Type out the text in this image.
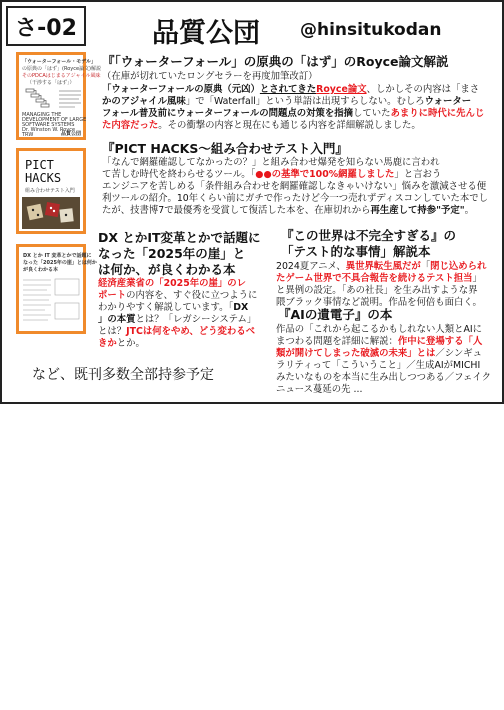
さ-02	品質公団 @hinsitukodan
「ウォーターフォール・モデル」
の原典の「はず」(Royce論文)解説
そのPDCAはじまるアジャイル風味
（干渉する「はず」）
MANAGING THE
DEVELOPMENT OF LARGE
SOFTWARE SYSTEMS
Dr. Winston W. Royce
TRW	品質公団
『「ウォーターフォール」の原典の「はず」のRoyce論文解説
（在庫が切れていたロングセラーを再度加筆改訂）
「ウォーターフォールの原典（元凶）とされてきたRoyce論文、しかしその内容は「まさ
かのアジャイル風味」で「Waterfall」という単語は出現すらしない。むしろウォーター
フォール普及前にウォーターフォールの問題点の対策を指摘していたあまりに時代に先んじ
た内容だった。その衝撃の内容と現在にも通じる内容を詳細解説しました。
PICT
HACKS
組み合わせテスト入門
『PICT HACKS～組み合わせテスト入門』
「なんで網羅確認してなかったの？」と組み合わせ爆発を知らない馬鹿に言われ
て苦しむ時代を終わらせるツール。「●●の基準で100%網羅しました」と言おう
エンジニアを苦しめる「条件組み合わせを網羅確認しなきゃいけない」悩みを激減させる便
利ツールの紹介。10年くらい前にガチで作ったけど今一つ売れずディスコンしていた本でし
たが、技書博7で最優秀を受賞して復活した本を、在庫切れから再生産して持参"予定"。
DX とか IT 変革とかで話題に
なった「2025年の崖」とは何か
が良くわかる本
DX とかIT変革とかで話題に
なった「2025年の崖」と
は何か、が良くわかる本
経済産業省の「2025年の崖」のレ
ポートの内容を、すぐ役に立つように
わかりやすく解説しています。「DX
」の本質とは？「レガシーシステム」
とは？JTCは何をやめ、どう変わるべ
きかとか。
『この世界は不完全すぎる』の
「テスト的な事情」解説本
2024夏アニメ、異世界転生風だが「閉じ込められ
たゲーム世界で不具合報告を続けるテスト担当」
と異例の設定。「あの社長」を生み出すような界
隈ブラック事情など説明。作品を何倍も面白く。
『AIの遺電子』の本
作品の「これから起こるかもしれない人類とAIに
まつわる問題を詳細に解説：作中に登場する「人
類が開けてしまった破滅の未来」とは／シンギュ
ラリティって「こういうこと」／生成AIがMICHI
みたいなものを本当に生み出しつつある／フェイク
ニュース蔓延の先 ...
など、既刊多数全部持参予定
